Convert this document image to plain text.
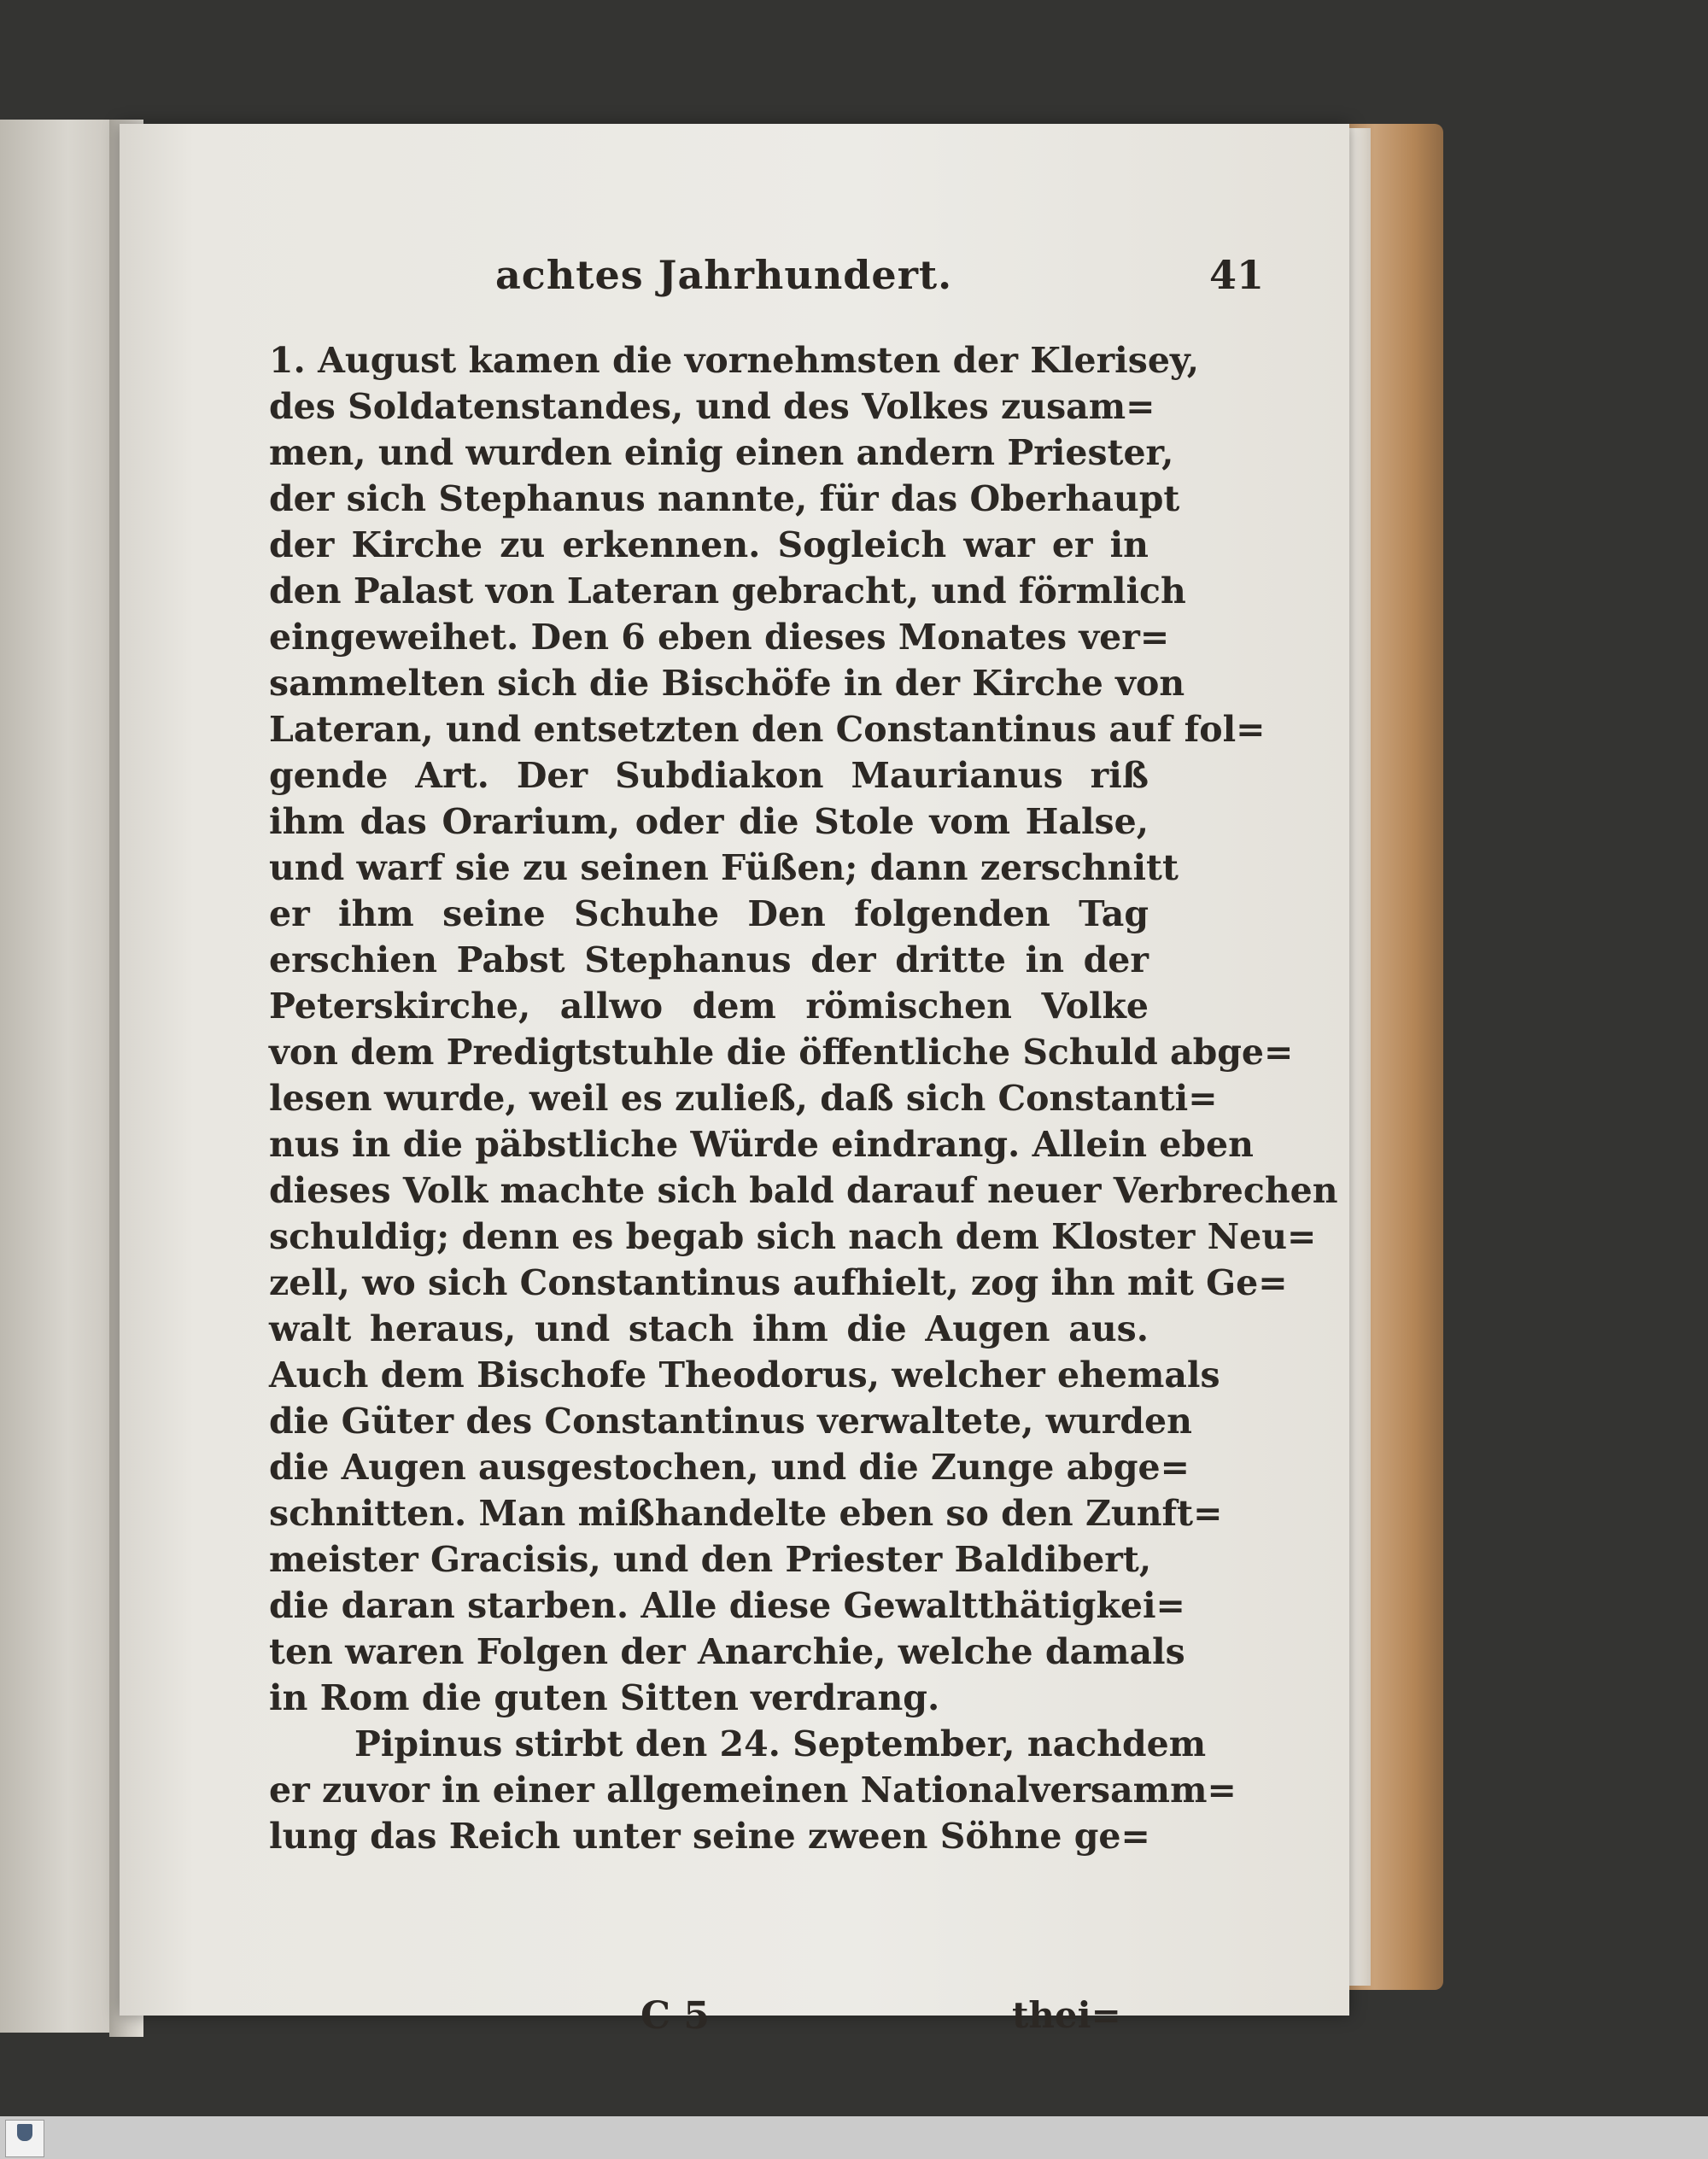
achtes Jahrhundert.	41
1. August kamen die vornehmsten der Klerisey,
des Soldatenstandes, und des Volkes zusam=
men, und wurden einig einen andern Priester,
der sich Stephanus nannte, für das Oberhaupt
der Kirche zu erkennen. Sogleich war er in
den Palast von Lateran gebracht, und förmlich
eingeweihet. Den 6 eben dieses Monates ver=
sammelten sich die Bischöfe in der Kirche von
Lateran, und entsetzten den Constantinus auf fol=
gende Art. Der Subdiakon Maurianus riß
ihm das Orarium, oder die Stole vom Halse,
und warf sie zu seinen Füßen; dann zerschnitt
er ihm seine Schuhe Den folgenden Tag
erschien Pabst Stephanus der dritte in der
Peterskirche, allwo dem römischen Volke
von dem Predigtstuhle die öffentliche Schuld abge=
lesen wurde, weil es zuließ, daß sich Constanti=
nus in die päbstliche Würde eindrang. Allein eben
dieses Volk machte sich bald darauf neuer Verbrechen
schuldig; denn es begab sich nach dem Kloster Neu=
zell, wo sich Constantinus aufhielt, zog ihn mit Ge=
walt heraus, und stach ihm die Augen aus.
Auch dem Bischofe Theodorus, welcher ehemals
die Güter des Constantinus verwaltete, wurden
die Augen ausgestochen, und die Zunge abge=
schnitten. Man mißhandelte eben so den Zunft=
meister Gracisis, und den Priester Baldibert,
die daran starben. Alle diese Gewaltthätigkei=
ten waren Folgen der Anarchie, welche damals
in Rom die guten Sitten verdrang.
Pipinus stirbt den 24. September, nachdem
er zuvor in einer allgemeinen Nationalversamm=
lung das Reich unter seine zween Söhne ge=
C 5	thei=
